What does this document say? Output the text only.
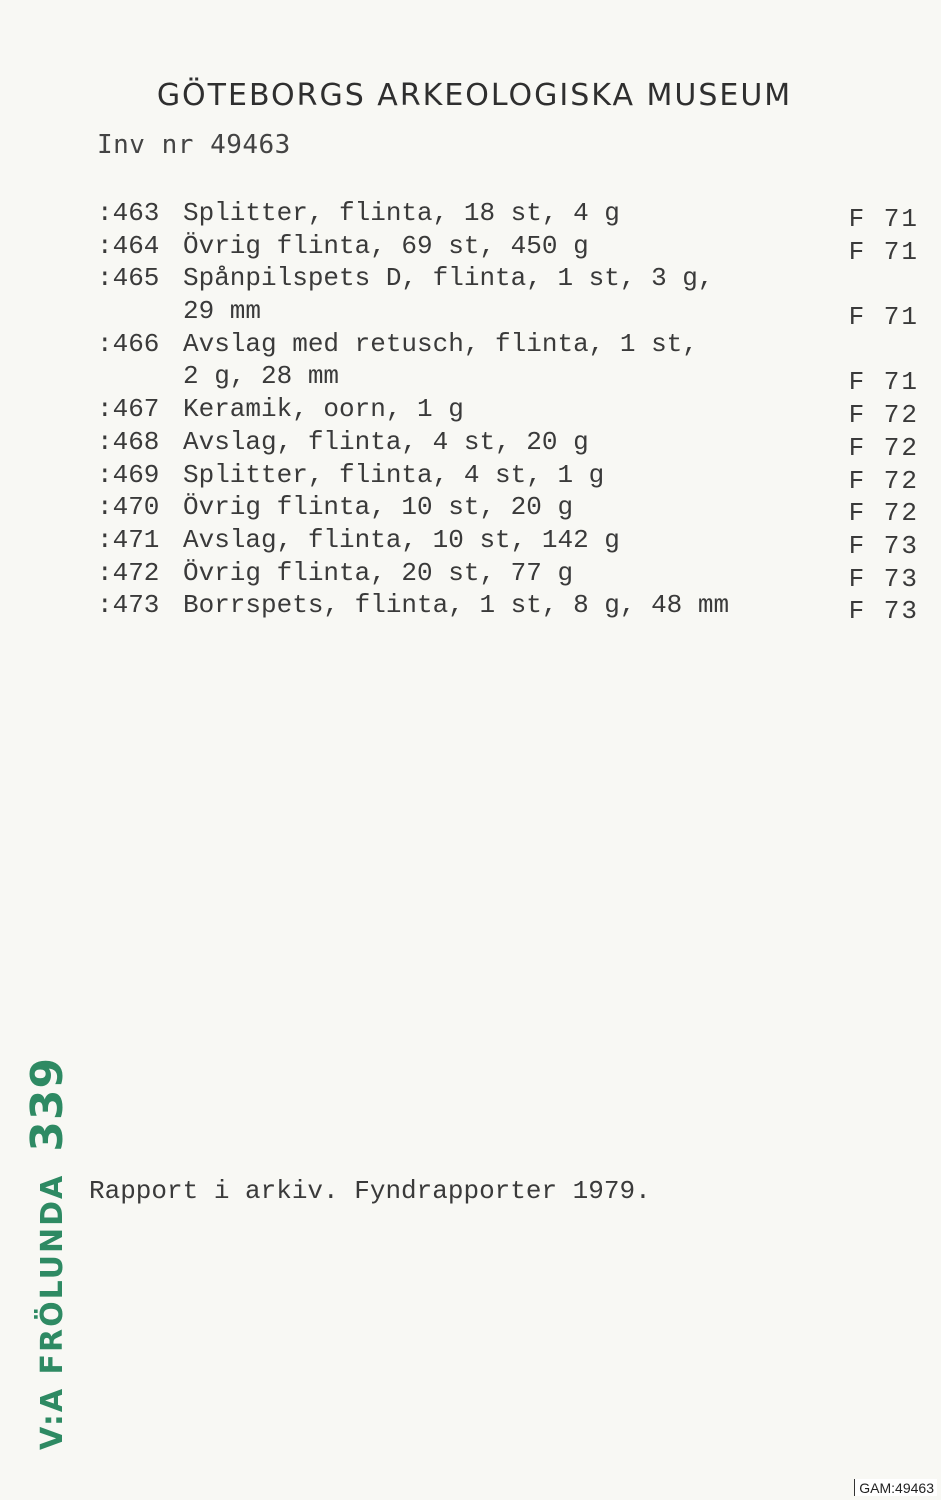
GÖTEBORGS ARKEOLOGISKA MUSEUM
Inv nr 49463

:463

Splitter, flinta, 18 st, 4 g

	F 71

:464

Övrig flinta, 69 st, 450 g

	F 71

:465

Spånpilspets D, flinta, 1 st, 3 g,

29 mm

	F 71

:466

Avslag med retusch, flinta, 1 st,

2 g, 28 mm

	F 71

:467

Keramik, oorn, 1 g

	F 72

:468

Avslag, flinta, 4 st, 20 g

	F 72

:469

Splitter, flinta, 4 st, 1 g

	F 72

:470

Övrig flinta, 10 st, 20 g

	F 72

:471

Avslag, flinta, 10 st, 142 g

	F 73

:472

Övrig flinta, 20 st, 77 g

	F 73

:473

Borrspets, flinta, 1 st, 8 g, 48 mm

	F 73

Rapport i arkiv. Fyndrapporter 1979.
V:A FRÖLUNDA
339
GAM:49463
